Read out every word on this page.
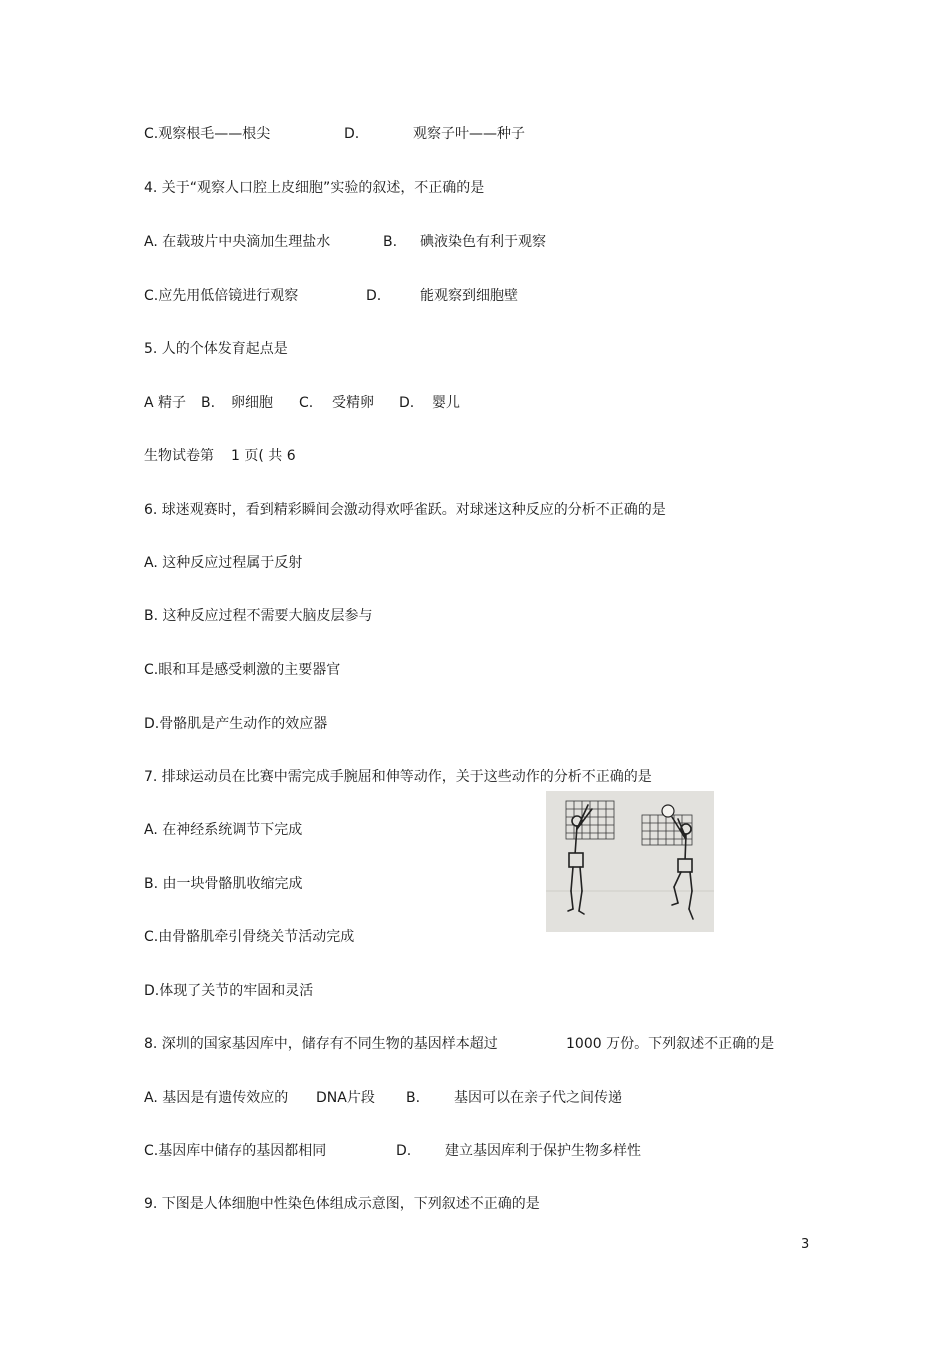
C.观察根毛——根尖	D.	观察子叶——种子
4. 关于“观察人口腔上皮细胞”实验的叙述，不正确的是
A. 在载玻片中央滴加生理盐水	B. 碘液染色有利于观察
C.应先用低倍镜进行观察	D.	能观察到细胞壁
5. 人的个体发育起点是
A 精子 B. 卵细胞 C. 受精卵 D. 婴儿
生物试卷第 1 页( 共 6
6. 球迷观赛时，看到精彩瞬间会激动得欢呼雀跃。对球迷这种反应的分析不正确的是
A. 这种反应过程属于反射
B. 这种反应过程不需要大脑皮层参与
C.眼和耳是感受刺激的主要器官
D.骨骼肌是产生动作的效应器
7. 排球运动员在比赛中需完成手腕屈和伸等动作，关于这些动作的分析不正确的是
A. 在神经系统调节下完成
B. 由一块骨骼肌收缩完成
C.由骨骼肌牵引骨绕关节活动完成
D.体现了关节的牢固和灵活
8. 深圳的国家基因库中，储存有不同生物的基因样本超过	1000 万份。下列叙述不正确的是
A. 基因是有遗传效应的 DNA片段 B. 基因可以在亲子代之间传递
C.基因库中储存的基因都相同	D. 建立基因库利于保护生物多样性
9. 下图是人体细胞中性染色体组成示意图，下列叙述不正确的是
3
